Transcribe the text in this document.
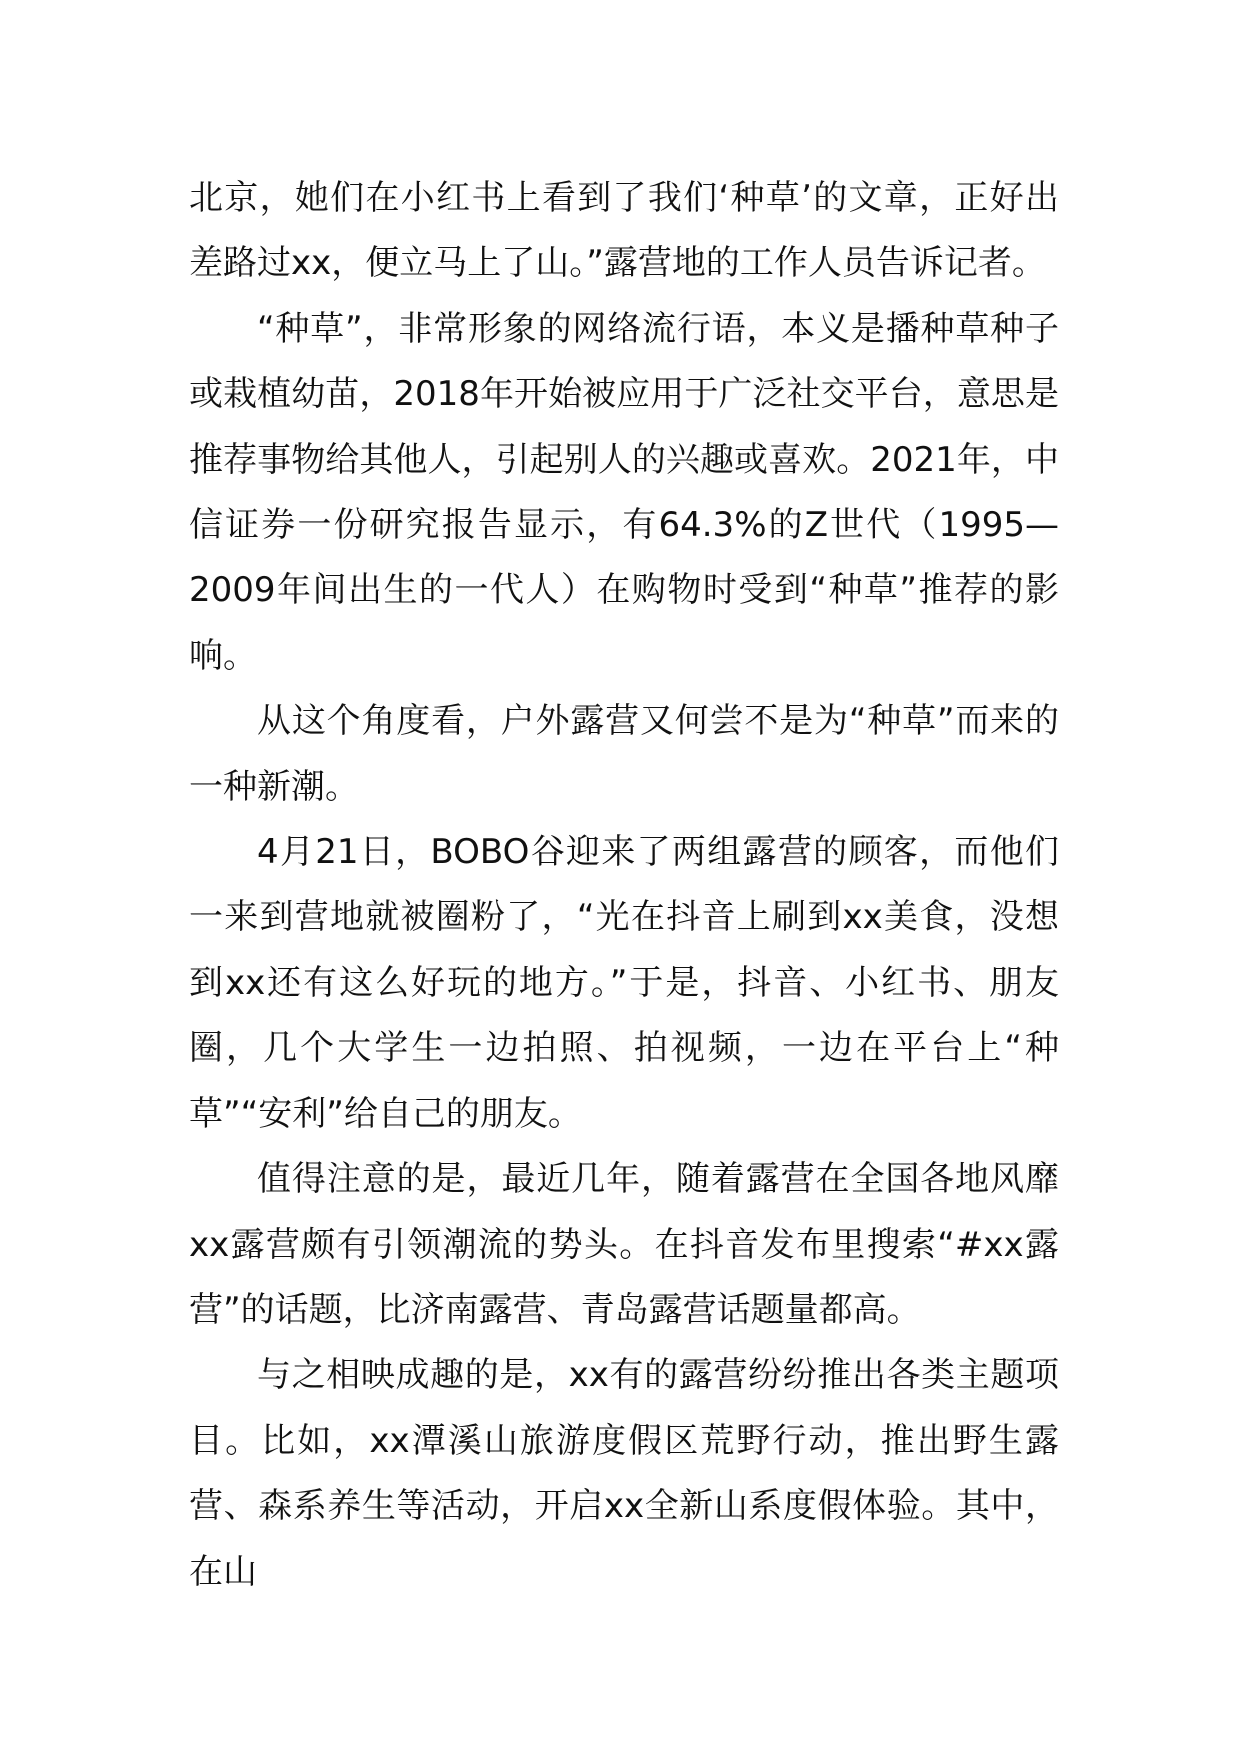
北京，她们在小红书上看到了我们‘种草’的文章，正好出差路过xx，便立马上了山。”露营地的工作人员告诉记者。

“种草”，非常形象的网络流行语，本义是播种草种子或栽植幼苗，2018年开始被应用于广泛社交平台，意思是推荐事物给其他人，引起别人的兴趣或喜欢。2021年，中信证券一份研究报告显示，有64.3%的Z世代（1995—2009年间出生的一代人）在购物时受到“种草”推荐的影响。

从这个角度看，户外露营又何尝不是为“种草”而来的一种新潮。

4月21日，BOBO谷迎来了两组露营的顾客，而他们一来到营地就被圈粉了，“光在抖音上刷到xx美食，没想到xx还有这么好玩的地方。”于是，抖音、小红书、朋友圈，几个大学生一边拍照、拍视频，一边在平台上“种草”“安利”给自己的朋友。

值得注意的是，最近几年，随着露营在全国各地风靡xx露营颇有引领潮流的势头。在抖音发布里搜索“#xx露营”的话题，比济南露营、青岛露营话题量都高。

与之相映成趣的是，xx有的露营纷纷推出各类主题项目。比如，xx潭溪山旅游度假区荒野行动，推出野生露营、森系养生等活动，开启xx全新山系度假体验。其中，在山
